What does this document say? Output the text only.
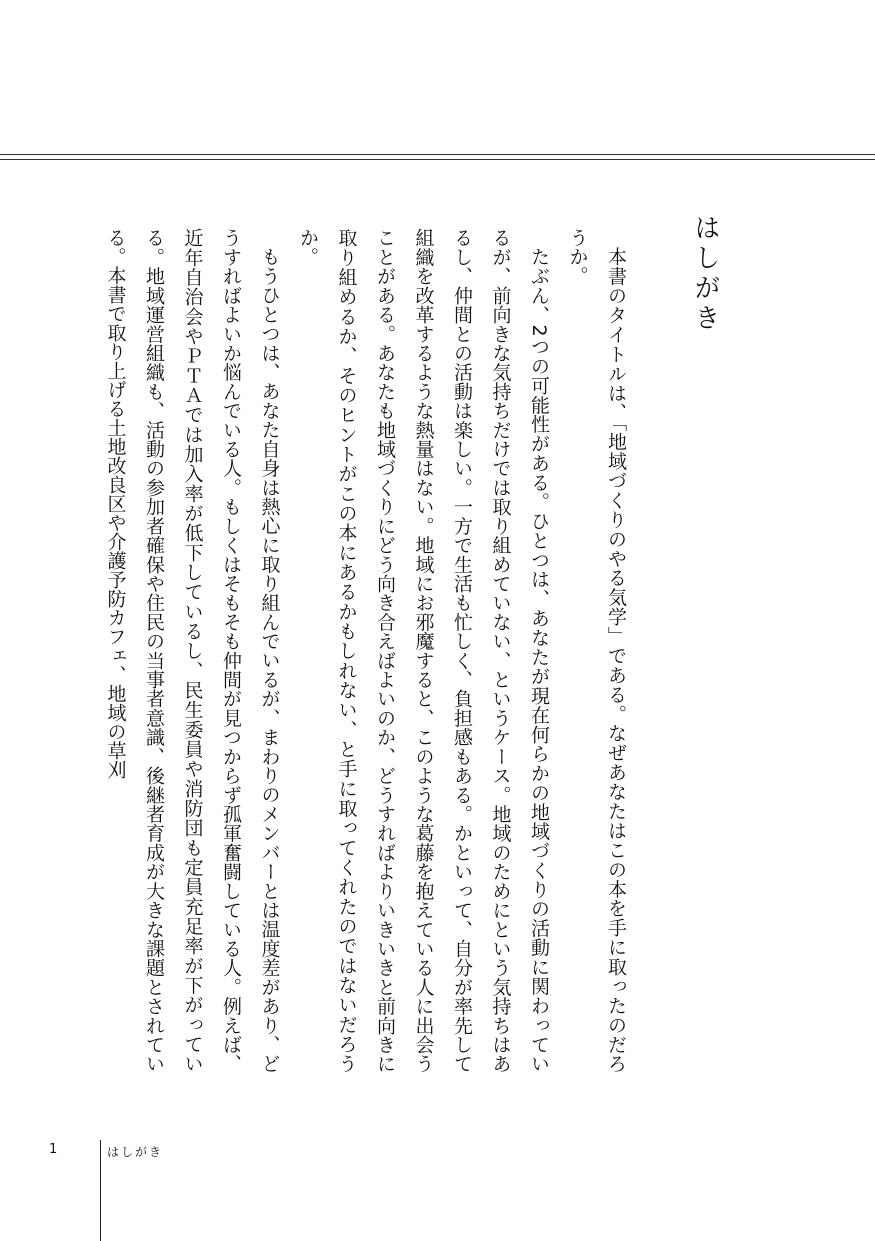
はしがき

本書のタイトルは、「地域づくりのやる気学」である。なぜあなたはこの本を手に取ったのだろうか。

たぶん、2つの可能性がある。ひとつは、あなたが現在何らかの地域づくりの活動に関わっているが、前向きな気持ちだけでは取り組めていない、というケース。地域のためにという気持ちはあるし、仲間との活動は楽しい。一方で生活も忙しく、負担感もある。かといって、自分が率先して組織を改革するような熱量はない。地域にお邪魔すると、このような葛藤を抱えている人に出会うことがある。あなたも地域づくりにどう向き合えばよいのか、どうすればよりいきいきと前向きに取り組めるか、そのヒントがこの本にあるかもしれない、と手に取ってくれたのではないだろうか。

もうひとつは、あなた自身は熱心に取り組んでいるが、まわりのメンバーとは温度差があり、どうすればよいか悩んでいる人。もしくはそもそも仲間が見つからず孤軍奮闘している人。例えば、近年自治会やＰＴＡでは加入率が低下しているし、民生委員や消防団も定員充足率が下がっている。地域運営組織も、活動の参加者確保や住民の当事者意識、後継者育成が大きな課題とされている。本書で取り上げる土地改良区や介護予防カフェ、地域の草刈

1	はしがき
